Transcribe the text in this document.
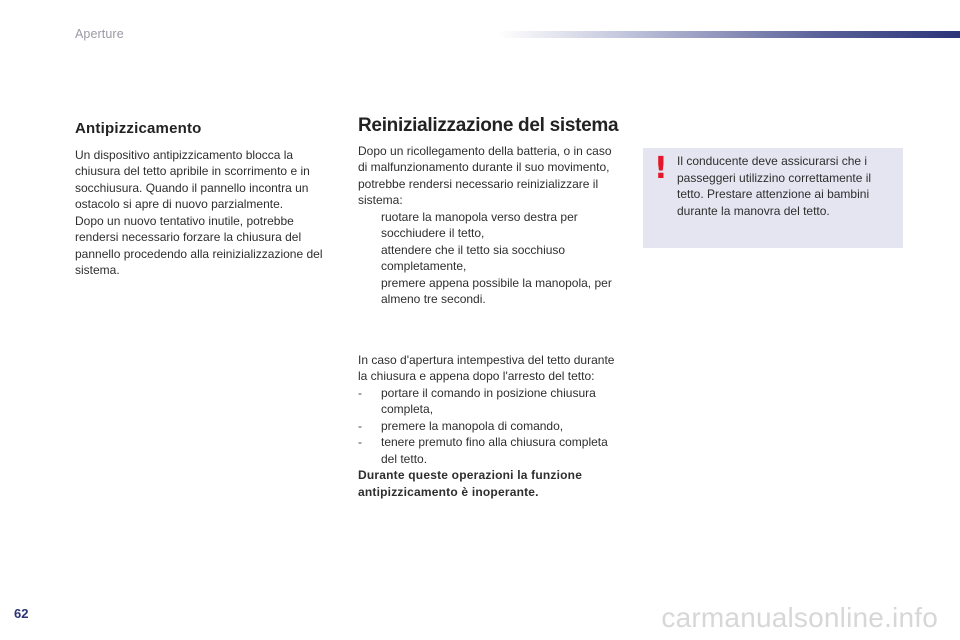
Aperture
Antipizzicamento

Un dispositivo antipizzicamento blocca la chiusura del tetto apribile in scorrimento e in socchiusura. Quando il pannello incontra un ostacolo si apre di nuovo parzialmente.

Dopo un nuovo tentativo inutile, potrebbe rendersi necessario forzare la chiusura del pannello procedendo alla reinizializzazione del sistema.

Reinizializzazione del sistema

Dopo un ricollegamento della batteria, o in caso di malfunzionamento durante il suo movimento, potrebbe rendersi necessario reinizializzare il sistema:

ruotare la manopola verso destra per socchiudere il tetto,
attendere che il tetto sia socchiuso completamente,
premere appena possibile la manopola, per almeno tre secondi.

In caso d'apertura intempestiva del tetto durante la chiusura e appena dopo l'arresto del tetto:

-	portare il comando in posizione chiusura completa,
-	premere la manopola di comando,
-	tenere premuto fino alla chiusura completa del tetto.

Durante queste operazioni la funzione antipizzicamento è inoperante.

! Il conducente deve assicurarsi che i passeggeri utilizzino correttamente il tetto. Prestare attenzione ai bambini durante la manovra del tetto.
62	carmanualsonline.info
